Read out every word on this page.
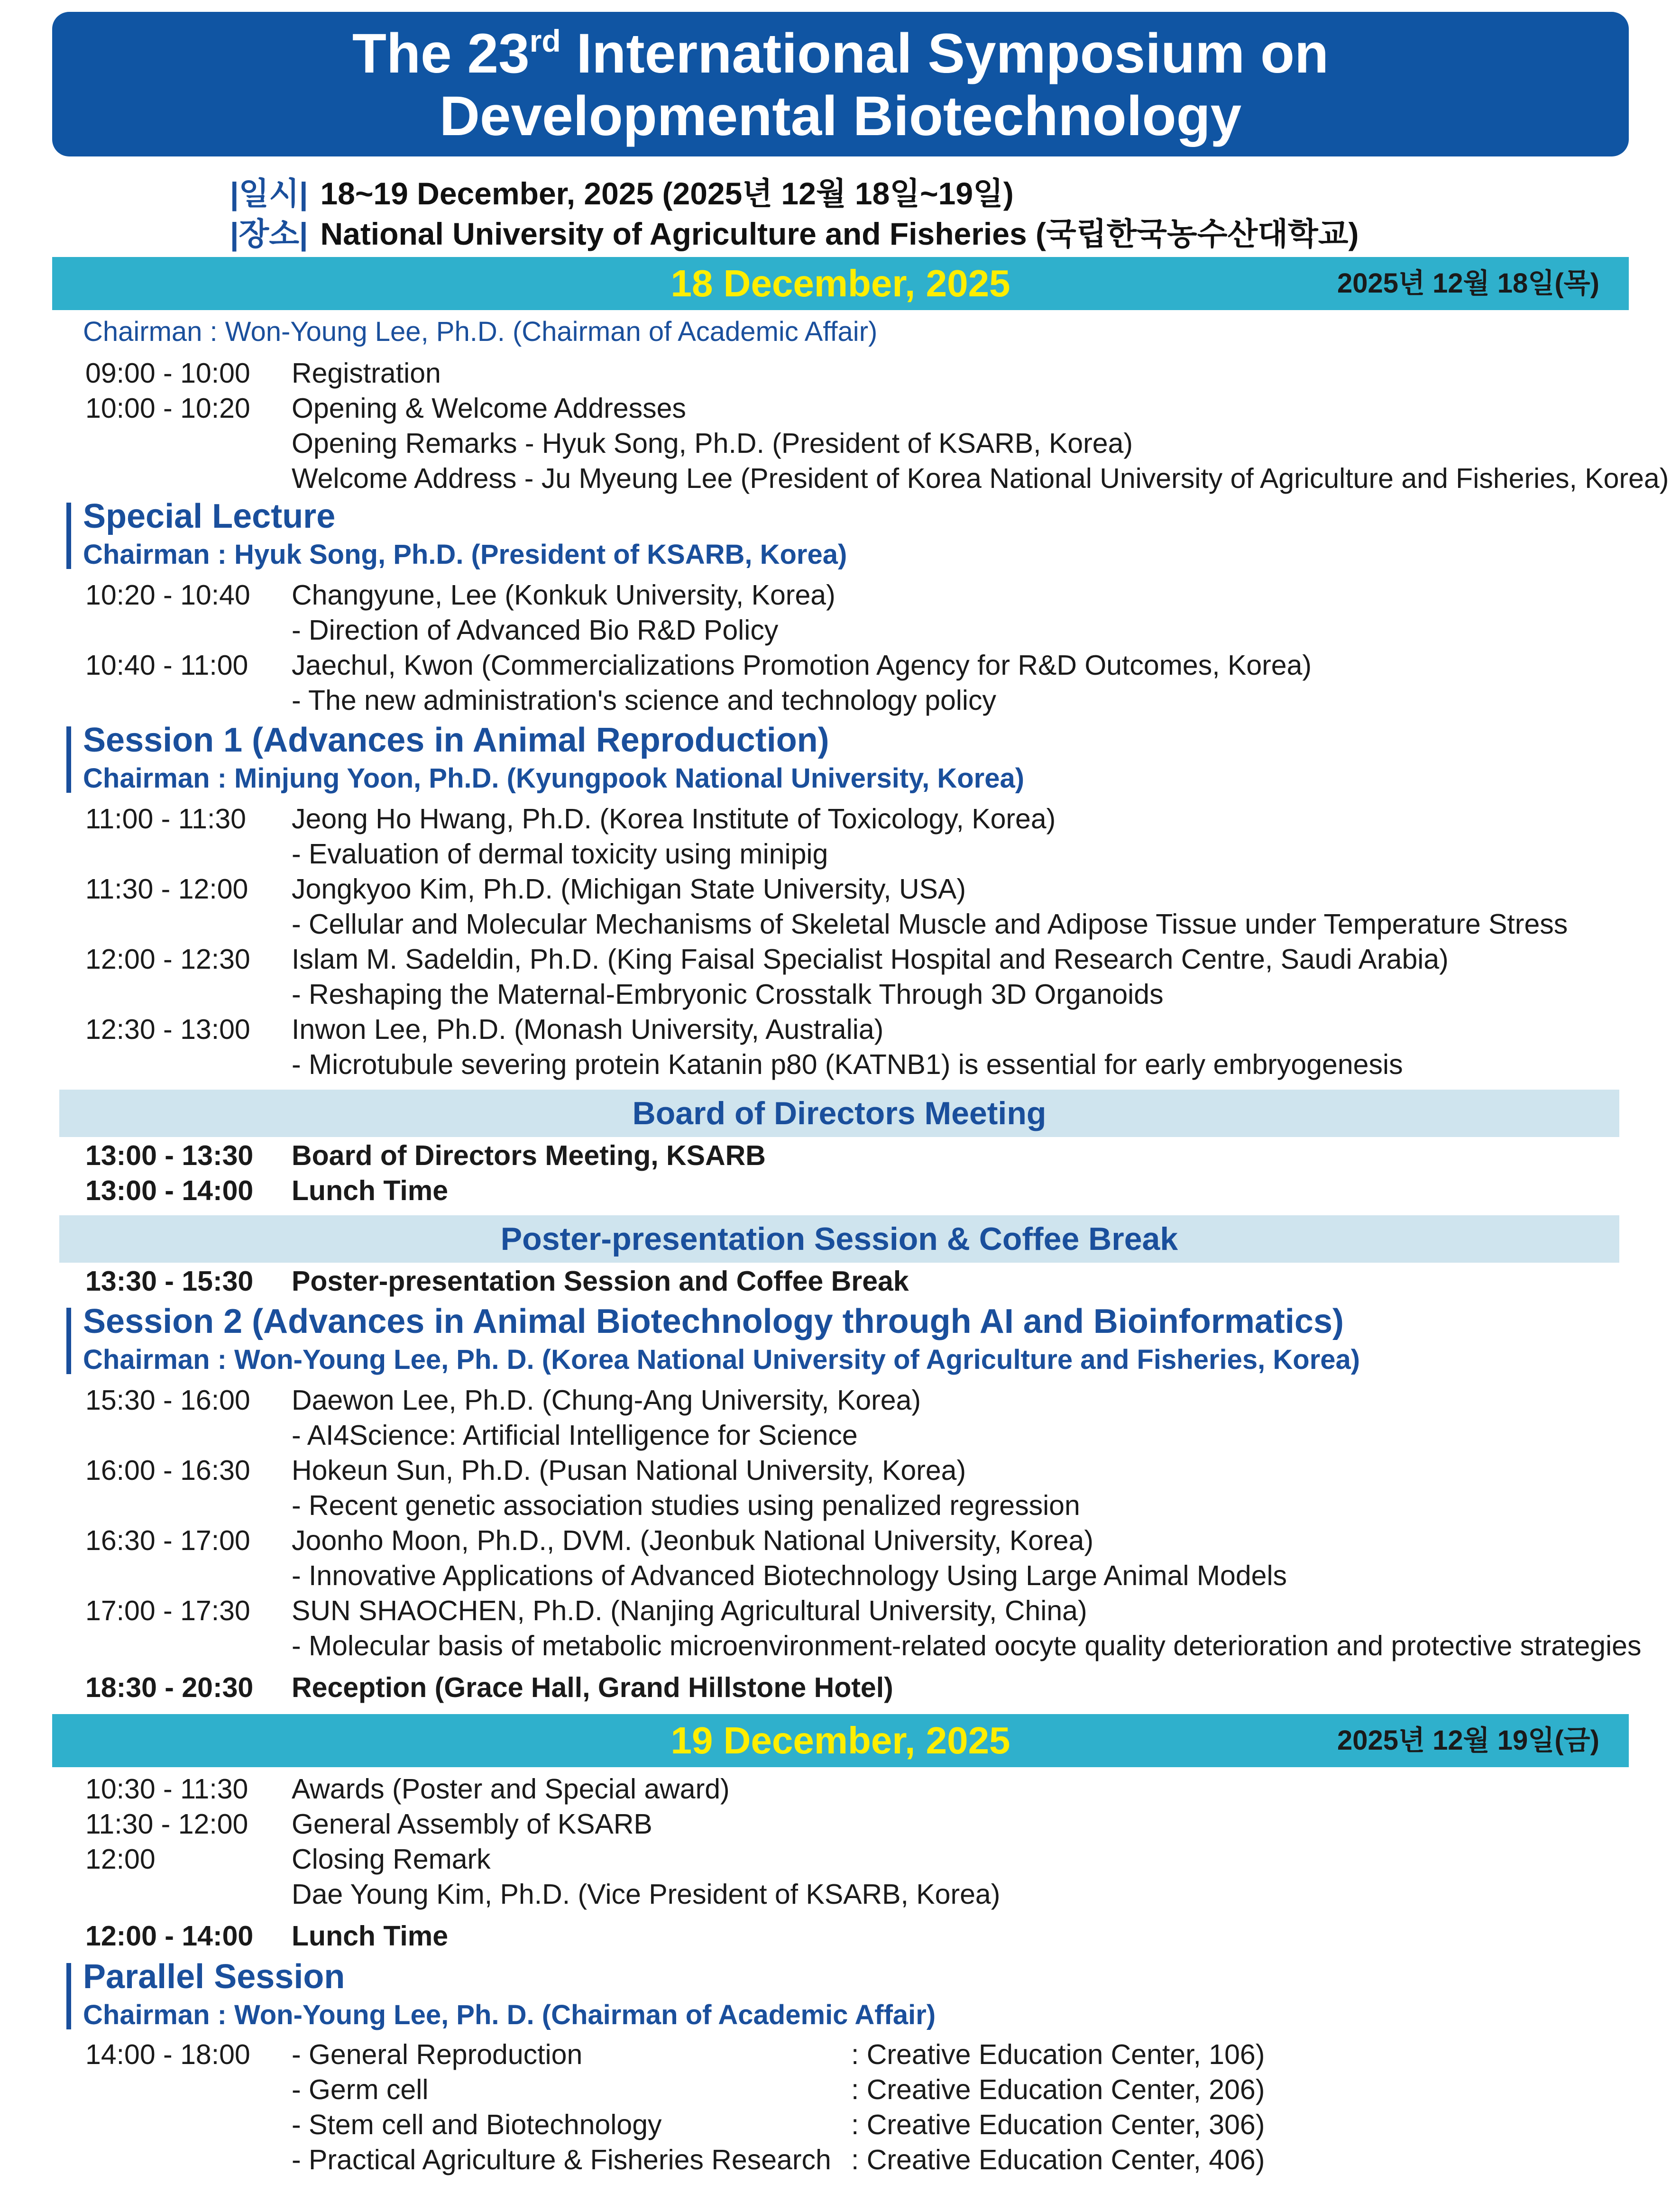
The 23rd International Symposium on
Developmental Biotechnology
|일시| 18~19 December, 2025 (2025년 12월 18일~19일)
|장소| National University of Agriculture and Fisheries (국립한국농수산대학교)
18 December, 2025	2025년 12월 18일(목)
Chairman : Won-Young Lee, Ph.D. (Chairman of Academic Affair)
09:00 - 10:00 Registration
10:00 - 10:20 Opening & Welcome Addresses
Opening Remarks - Hyuk Song, Ph.D. (President of KSARB, Korea)
Welcome Address - Ju Myeung Lee (President of Korea National University of Agriculture and Fisheries, Korea)
Special Lecture
Chairman : Hyuk Song, Ph.D. (President of KSARB, Korea)
10:20 - 10:40 Changyune, Lee (Konkuk University, Korea)
- Direction of Advanced Bio R&D Policy
10:40 - 11:00 Jaechul, Kwon (Commercializations Promotion Agency for R&D Outcomes, Korea)
- The new administration's science and technology policy
Session 1 (Advances in Animal Reproduction)
Chairman : Minjung Yoon, Ph.D. (Kyungpook National University, Korea)
11:00 - 11:30 Jeong Ho Hwang, Ph.D. (Korea Institute of Toxicology, Korea)
- Evaluation of dermal toxicity using minipig
11:30 - 12:00 Jongkyoo Kim, Ph.D. (Michigan State University, USA)
- Cellular and Molecular Mechanisms of Skeletal Muscle and Adipose Tissue under Temperature Stress
12:00 - 12:30 Islam M. Sadeldin, Ph.D. (King Faisal Specialist Hospital and Research Centre, Saudi Arabia)
- Reshaping the Maternal-Embryonic Crosstalk Through 3D Organoids
12:30 - 13:00 Inwon Lee, Ph.D. (Monash University, Australia)
- Microtubule severing protein Katanin p80 (KATNB1) is essential for early embryogenesis
Board of Directors Meeting
13:00 - 13:30 Board of Directors Meeting, KSARB
13:00 - 14:00 Lunch Time
Poster-presentation Session & Coffee Break
13:30 - 15:30 Poster-presentation Session and Coffee Break
Session 2 (Advances in Animal Biotechnology through AI and Bioinformatics)
Chairman : Won-Young Lee, Ph. D. (Korea National University of Agriculture and Fisheries, Korea)
15:30 - 16:00 Daewon Lee, Ph.D. (Chung-Ang University, Korea)
- AI4Science: Artificial Intelligence for Science
16:00 - 16:30 Hokeun Sun, Ph.D. (Pusan National University, Korea)
- Recent genetic association studies using penalized regression
16:30 - 17:00 Joonho Moon, Ph.D., DVM. (Jeonbuk National University, Korea)
- Innovative Applications of Advanced Biotechnology Using Large Animal Models
17:00 - 17:30 SUN SHAOCHEN, Ph.D. (Nanjing Agricultural University, China)
- Molecular basis of metabolic microenvironment-related oocyte quality deterioration and protective strategies
18:30 - 20:30 Reception (Grace Hall, Grand Hillstone Hotel)
19 December, 2025	2025년 12월 19일(금)
10:30 - 11:30 Awards (Poster and Special award)
11:30 - 12:00 General Assembly of KSARB
12:00	Closing Remark
Dae Young Kim, Ph.D. (Vice President of KSARB, Korea)
12:00 - 14:00 Lunch Time
Parallel Session
Chairman : Won-Young Lee, Ph. D. (Chairman of Academic Affair)
14:00 - 18:00 - General Reproduction	: Creative Education Center, 106)
- Germ cell	: Creative Education Center, 206)
- Stem cell and Biotechnology	: Creative Education Center, 306)
- Practical Agriculture & Fisheries Research : Creative Education Center, 406)
